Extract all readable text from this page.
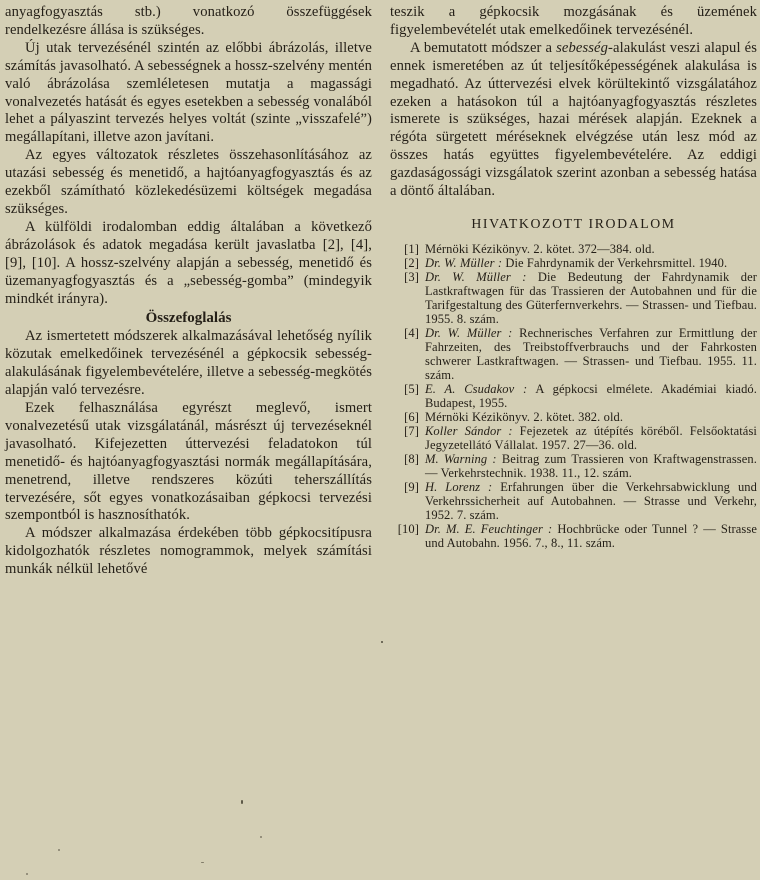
anyagfogyasztás stb.) vonatkozó összefüggések rendelkezésre állása is szükséges.

Új utak tervezésénél szintén az előbbi ábrázolás, illetve számítás javasolható. A sebességnek a hossz-szelvény mentén való ábrázolása szemléletesen mutatja a magassági vonalvezetés hatását és egyes esetekben a sebesség vonalából lehet a pályaszint tervezés helyes voltát (szinte „visszafelé”) megállapítani, illetve azon javítani.

Az egyes változatok részletes összehasonlításához az utazási sebesség és menetidő, a hajtóanyagfogyasztás és az ezekből számítható közlekedésüzemi költségek megadása szükséges.

A külföldi irodalomban eddig általában a következő ábrázolások és adatok megadása került javaslatba [2], [4], [9], [10]. A hossz-szelvény alapján a sebesség, menetidő és üzemanyagfogyasztás és a „sebesség-gomba” (mindegyik mindkét irányra).

Összefoglalás

Az ismertetett módszerek alkalmazásával lehetőség nyílik közutak emelkedőinek tervezésénél a gépkocsik sebesség-alakulásának figyelembevételére, illetve a sebesség-megkötés alapján való tervezésre.

Ezek felhasználása egyrészt meglevő, ismert vonalvezetésű utak vizsgálatánál, másrészt új tervezéseknél javasolható. Kifejezetten úttervezési feladatokon túl menetidő- és hajtóanyagfogyasztási normák megállapítására, menetrend, illetve rendszeres közúti teherszállítás tervezésére, sőt egyes vonatkozásaiban gépkocsi tervezési szempontból is hasznosíthatók.

A módszer alkalmazása érdekében több gépkocsitípusra kidolgozhatók részletes nomogrammok, melyek számítási munkák nélkül lehetővé

teszik a gépkocsik mozgásának és üzemének figyelembevételét utak emelkedőinek tervezésénél.

A bemutatott módszer a sebesség-alakulást veszi alapul és ennek ismeretében az út teljesítőképességének alakulása is megadható. Az úttervezési elvek körültekintő vizsgálatához ezeken a hatásokon túl a hajtóanyagfogyasztás részletes ismerete is szükséges, hazai mérések alapján. Ezeknek a régóta sürgetett méréseknek elvégzése után lesz mód az összes hatás együttes figyelembevételére. Az eddigi gazdaságossági vizsgálatok szerint azonban a sebesség hatása a döntő általában.

HIVATKOZOTT IRODALOM
[1] Mérnöki Kézikönyv. 2. kötet. 372—384. old.
[2] Dr. W. Müller : Die Fahrdynamik der Verkehrsmittel. 1940.
[3] Dr. W. Müller : Die Bedeutung der Fahrdynamik der Lastkraftwagen für das Trassieren der Autobahnen und für die Tarifgestaltung des Güterfernverkehrs. — Strassen- und Tiefbau. 1955. 8. szám.
[4] Dr. W. Müller : Rechnerisches Verfahren zur Ermittlung der Fahrzeiten, des Treibstoffverbrauchs und der Fahrkosten schwerer Lastkraftwagen. — Strassen- und Tiefbau. 1955. 11. szám.
[5] E. A. Csudakov : A gépkocsi elmélete. Akadémiai kiadó. Budapest, 1955.
[6] Mérnöki Kézikönyv. 2. kötet. 382. old.
[7] Koller Sándor : Fejezetek az útépítés köréből. Felsőoktatási Jegyzetellátó Vállalat. 1957. 27—36. old.
[8] M. Warning : Beitrag zum Trassieren von Kraftwagenstrassen. — Verkehrstechnik. 1938. 11., 12. szám.
[9] H. Lorenz : Erfahrungen über die Verkehrsabwicklung und Verkehrssicherheit auf Autobahnen. — Strasse und Verkehr, 1952. 7. szám.
[10] Dr. M. E. Feuchtinger : Hochbrücke oder Tunnel ? — Strasse und Autobahn. 1956. 7., 8., 11. szám.
